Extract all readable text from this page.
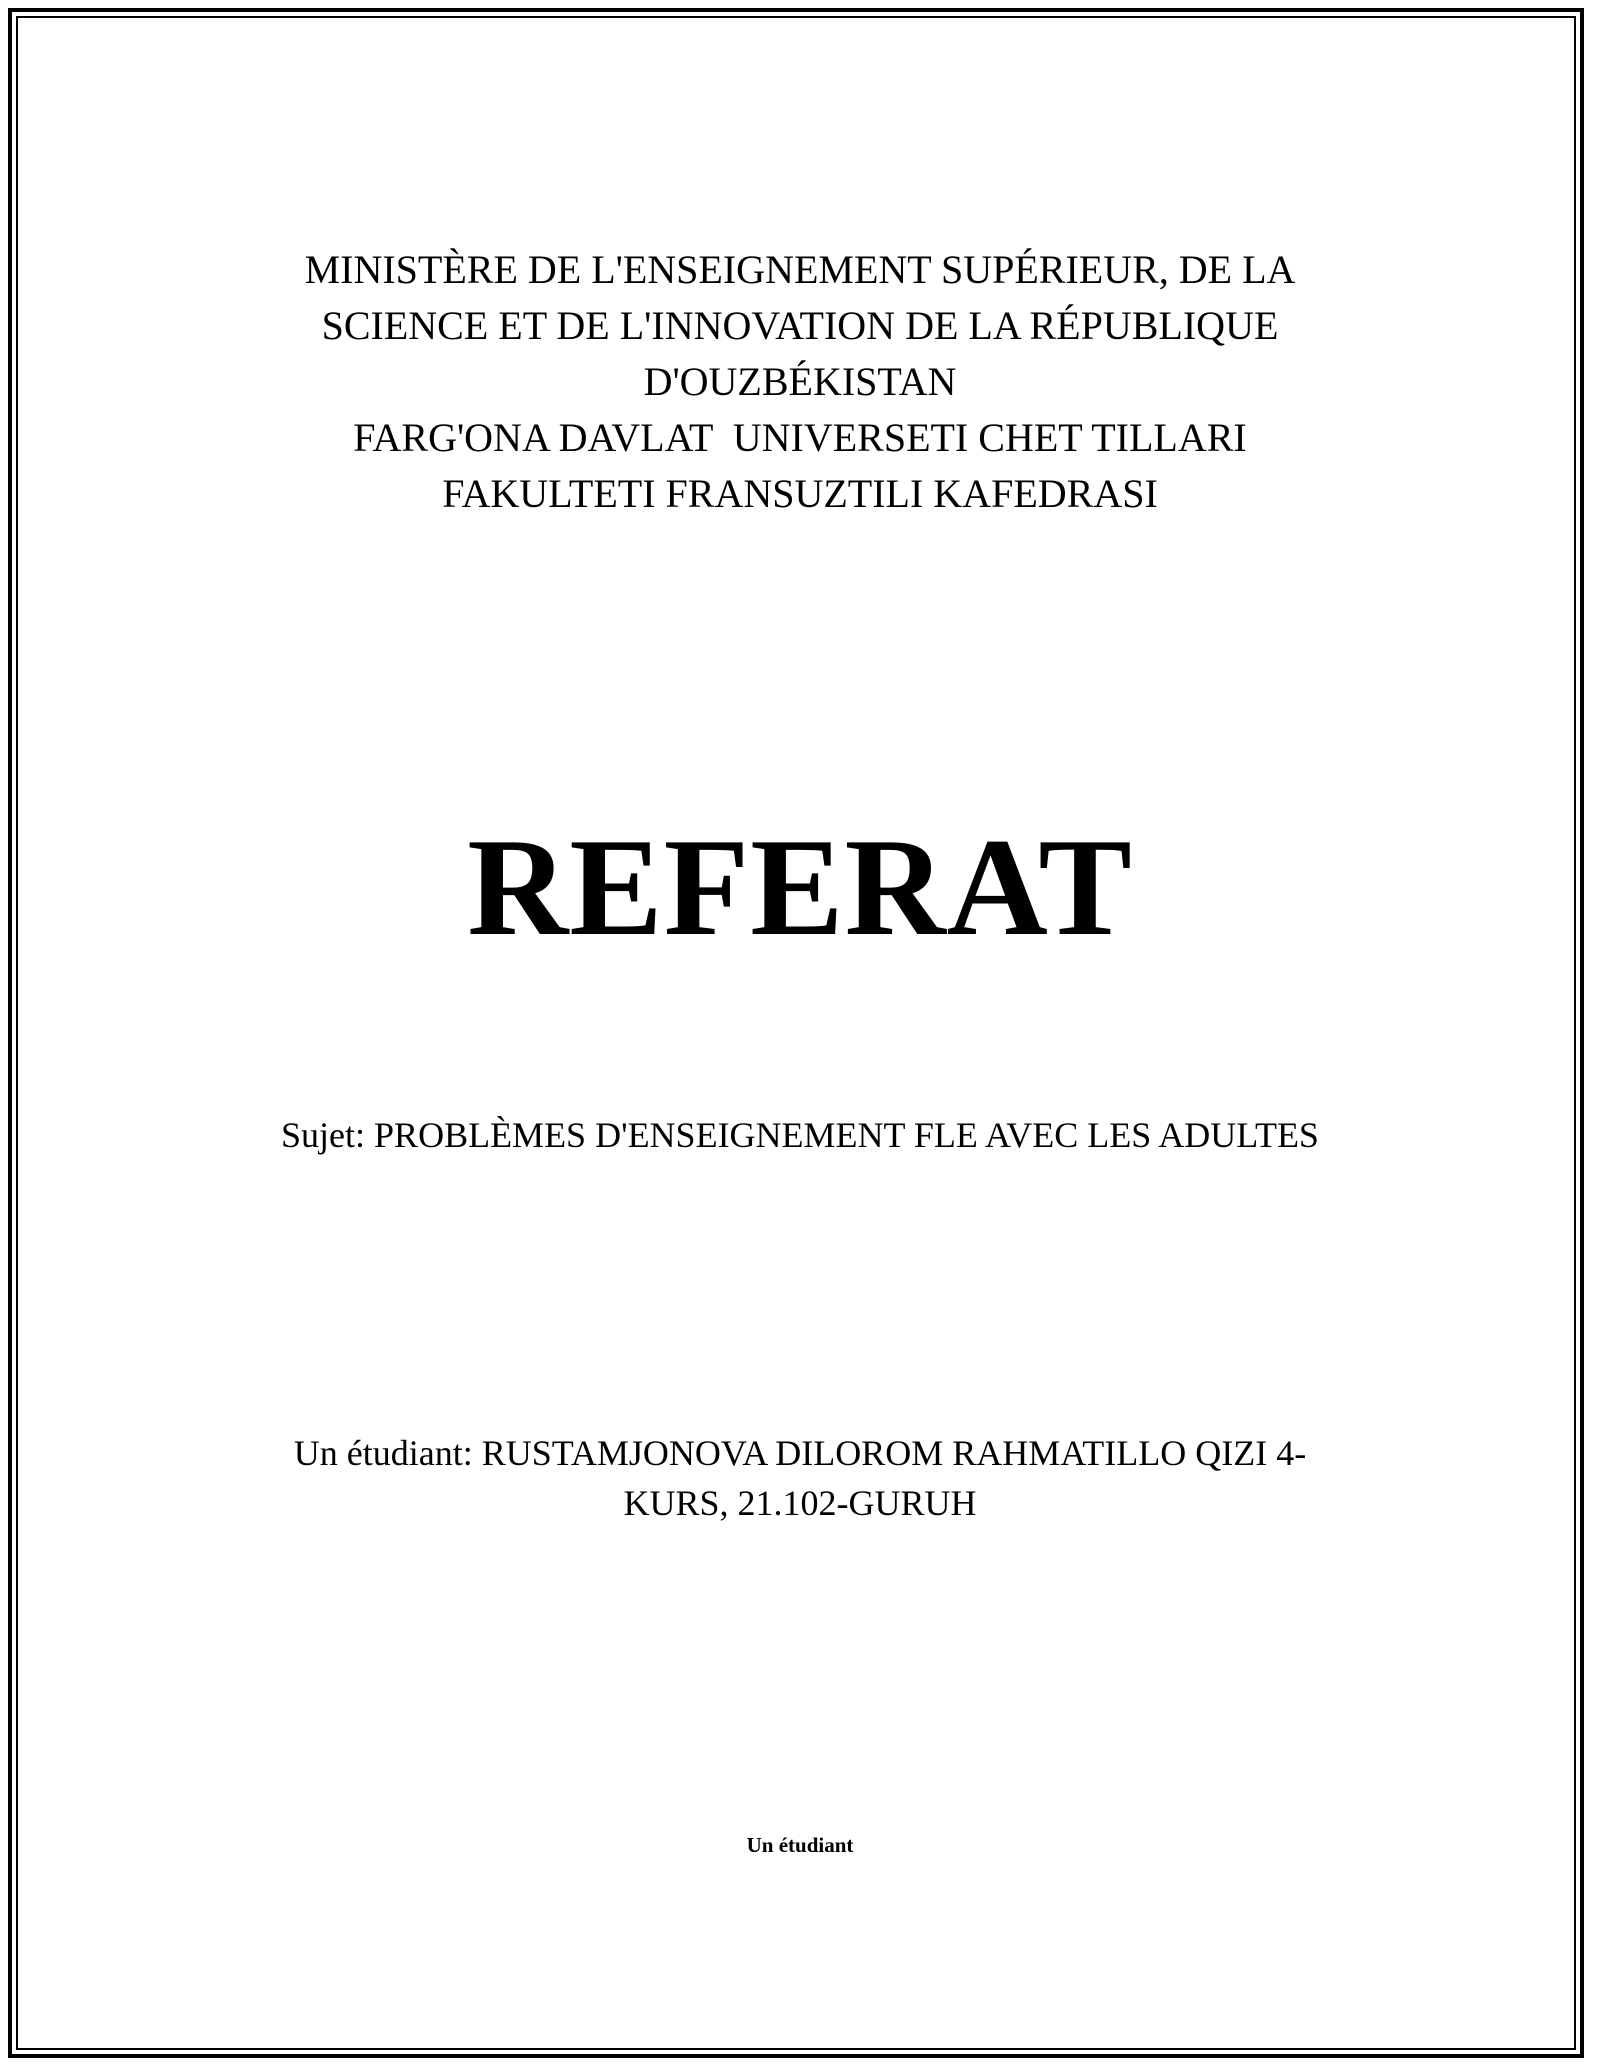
MINISTÈRE DE L'ENSEIGNEMENT SUPÉRIEUR, DE LA
SCIENCE ET DE L'INNOVATION DE LA RÉPUBLIQUE
D'OUZBÉKISTAN
FARG'ONA DAVLAT  UNIVERSETI CHET TILLARI
FAKULTETI FRANSUZTILI KAFEDRASI
REFERAT
Sujet: PROBLÈMES D'ENSEIGNEMENT FLE AVEC LES ADULTES
Un étudiant: RUSTAMJONOVA DILOROM RAHMATILLO QIZI 4-
KURS, 21.102-GURUH
Un étudiant
